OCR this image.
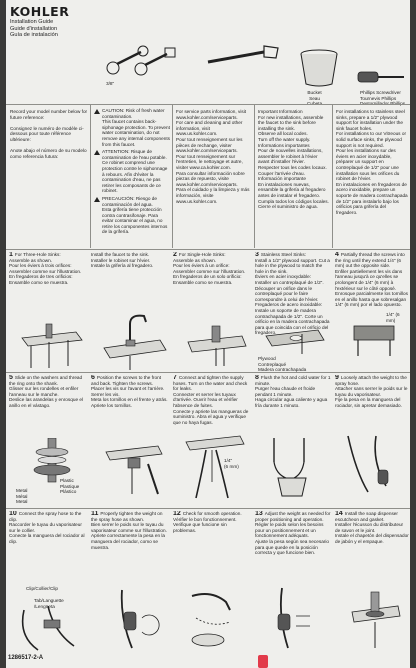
KOHLER
Installation Guide
Guide d'installation
Guía de instalación
3/8"
Bucket
Seau

Phillips Screwdriver
Tournevis Phillips

Record your model number below for future reference:

Consignez le numéro de modèle ci-dessous pour toute référence ultérieure:

Anote abajo el número de su modelo como referencia futura:
CAUTION: Risk of fresh water contamination.
This faucet contains back-siphonage protection. To prevent water contamination, do not remove any internal components from this faucet.
ATTENTION: Risque de contamination de l'eau potable.
Ce robinet comprend une protection contre le siphonnage à rebours. Afin d'éviter la contamination d'eau, ne pas retirer les composants de ce robinet.
PRECAUCIÓN: Riesgo de contaminación del agua.
Esta grifería tiene protección contra contrasifonaje. Para evitar contaminar el agua, no retire los componentes internos de la grifería.
For service parts information, visit www.kohler.com/serviceparts.
For care and cleaning and other information, visit www.us.kohler.com.
Pour tout renseignement sur les pièces de rechange, visiter www.kohler.com/serviceparts.
Pour tout renseignement sur l'entretien, le nettoyage et autre, visiter www.ca.kohler.com.
Para consultar información sobre piezas de repuesto, visite www.kohler.com/serviceparts.
Para el cuidado y la limpieza y más información, visite www.us.kohler.com.
Important Information
For new installations, assemble the faucet to the sink before installing the sink.
Observe all local codes.
Turn off the water supply.
Informations importantes
Pour de nouvelles installations, assembler le robinet à l'évier avant d'installer l'évier.
Respecter tous les codes locaux.
Couper l'arrivée d'eau.
Información importante
En instalaciones nuevas, ensamble la grifería al fregadero antes de instalar el fregadero.
Cumpla todos los códigos locales.
Cierre el suministro de agua.
For installations to stainless steel sinks, prepare a 1/2" plywood support for installation under the sink faucet holes.
For installations to our Vitreous or solid surface sinks, the plywood support is not required.
Pour les installations sur des éviers en acier inoxydable, préparer un support en contreplaqué de 1/2" pour une installation sous les orifices du robinet de l'évier.
En instalaciones en fregaderos de acero inoxidable, prepare un soporte de madera contrachapada de 1/2" para instalarlo bajo los orificios para grifería del fregadero.
1 For Three-Hole Sinks:
Assemble as shown.
Pour les éviers à trois orifices:
Assembler comme sur l'illustration.
En fregaderos de tres orificios:
Ensamble como se muestra.
Install the faucet to the sink.
Installer le robinet sur l'évier.
Instale la grifería al fregadero.
2 For Single-Hole Sinks:
Assemble as shown.
Pour les éviers à un orifice:
Assembler comme sur l'illustration.
En fregaderos de un solo orificio:
Ensamble como se muestra.
3 Stainless Steel Sinks:
Install a 1/2" plywood support. Cut a hole in the plywood to match the hole in the sink.
Éviers en acier inoxydable:
Installer un contreplaqué de 1/2". Découper un orifice dans le contreplaqué pour le faire correspondre à celui de l'évier.
Fregaderos de acero inoxidable:
Instale un soporte de madera contrachapada de 1/2". Corte un orificio en la madera contrachapada para que coincida con el orificio del fregadero.
4 Partially thread the screws into the ring until they extend 1/4" (6 mm) out the opposite side.
Enfiler partiellement les vis dans l'anneau jusqu'à ce qu'elles se prolongent de 1/4" (6 mm) à l'extérieur sur le côté opposé.
Enrosque parcialmente los tornillos en el anillo hasta que sobresalgan 1/4" (6 mm) por el lado opuesto.
Plywood
Contreplaqué
Madera contrachapada
1/4" (6 mm)
5 Slide on the washers and thread the ring onto the shank.
Glisser sur les rondelles et enfiler l'anneau sur le manche.
Deslice las arandelas y enrosque el anillo en el vástago.
6 Position the screws to the front and back. Tighten the screws.
Placer les vis sur l'avant et l'arrière. Serrer les vis.
Meta los tornillos en el frente y atrás. Apriete los tornillos.
7 Connect and tighten the supply hoses. Turn on the water and check for leaks.
Connecter et serrer les tuyaux d'arrivée. Ouvrir l'eau et vérifier l'absence de fuites.
Conecte y apriete las mangueras de suministro. Abra el agua y verifique que no haya fugas.
8 Flush the hot and cold water for 1 minute.
Purger l'eau chaude et froide pendant 1 minute.
Haga circular agua caliente y agua fría durante 1 minuto.
9 Loosely attach the weight to the spray hose.
Attacher sans serrer le poids sur le tuyau du vaporisateur.
Fije la pesa en la manguera del rociador, sin apretar demasiado.
Metal
Métal
Metal
Plastic
Plastique
Plástico
1/4"
(6 mm)
10 Connect the spray hose to the clip.
Raccorder le tuyau du vaporisateur sur le collier.
Conecte la manguera del rociador al clip.
11 Properly tighten the weight on the spray hose as shown.
Bien serrer le poids sur le tuyau du vaporisateur comme sur l'illustration.
Apriete correctamente la pesa en la manguera del rociador, como se muestra.
12 Check for smooth operation.
Vérifier le bon fonctionnement.
Verifique que funcione sin problemas.
13 Adjust the weight as needed for proper positioning and operation.
Régler le poids selon les besoins pour un positionnement et un fonctionnement adéquats.
Ajuste la pesa según sea necesario para que quede en la posición correcta y que funcione bien.
14 Install the soap dispenser escutcheon and gasket.
Installer l'écusson du distributeur de savon et le joint.
Instale el chapetón del dispensador de jabón y el empaque.
Clip/Collier/Clip
Tab/Languette
/Lengüeta
1286517-2-A
